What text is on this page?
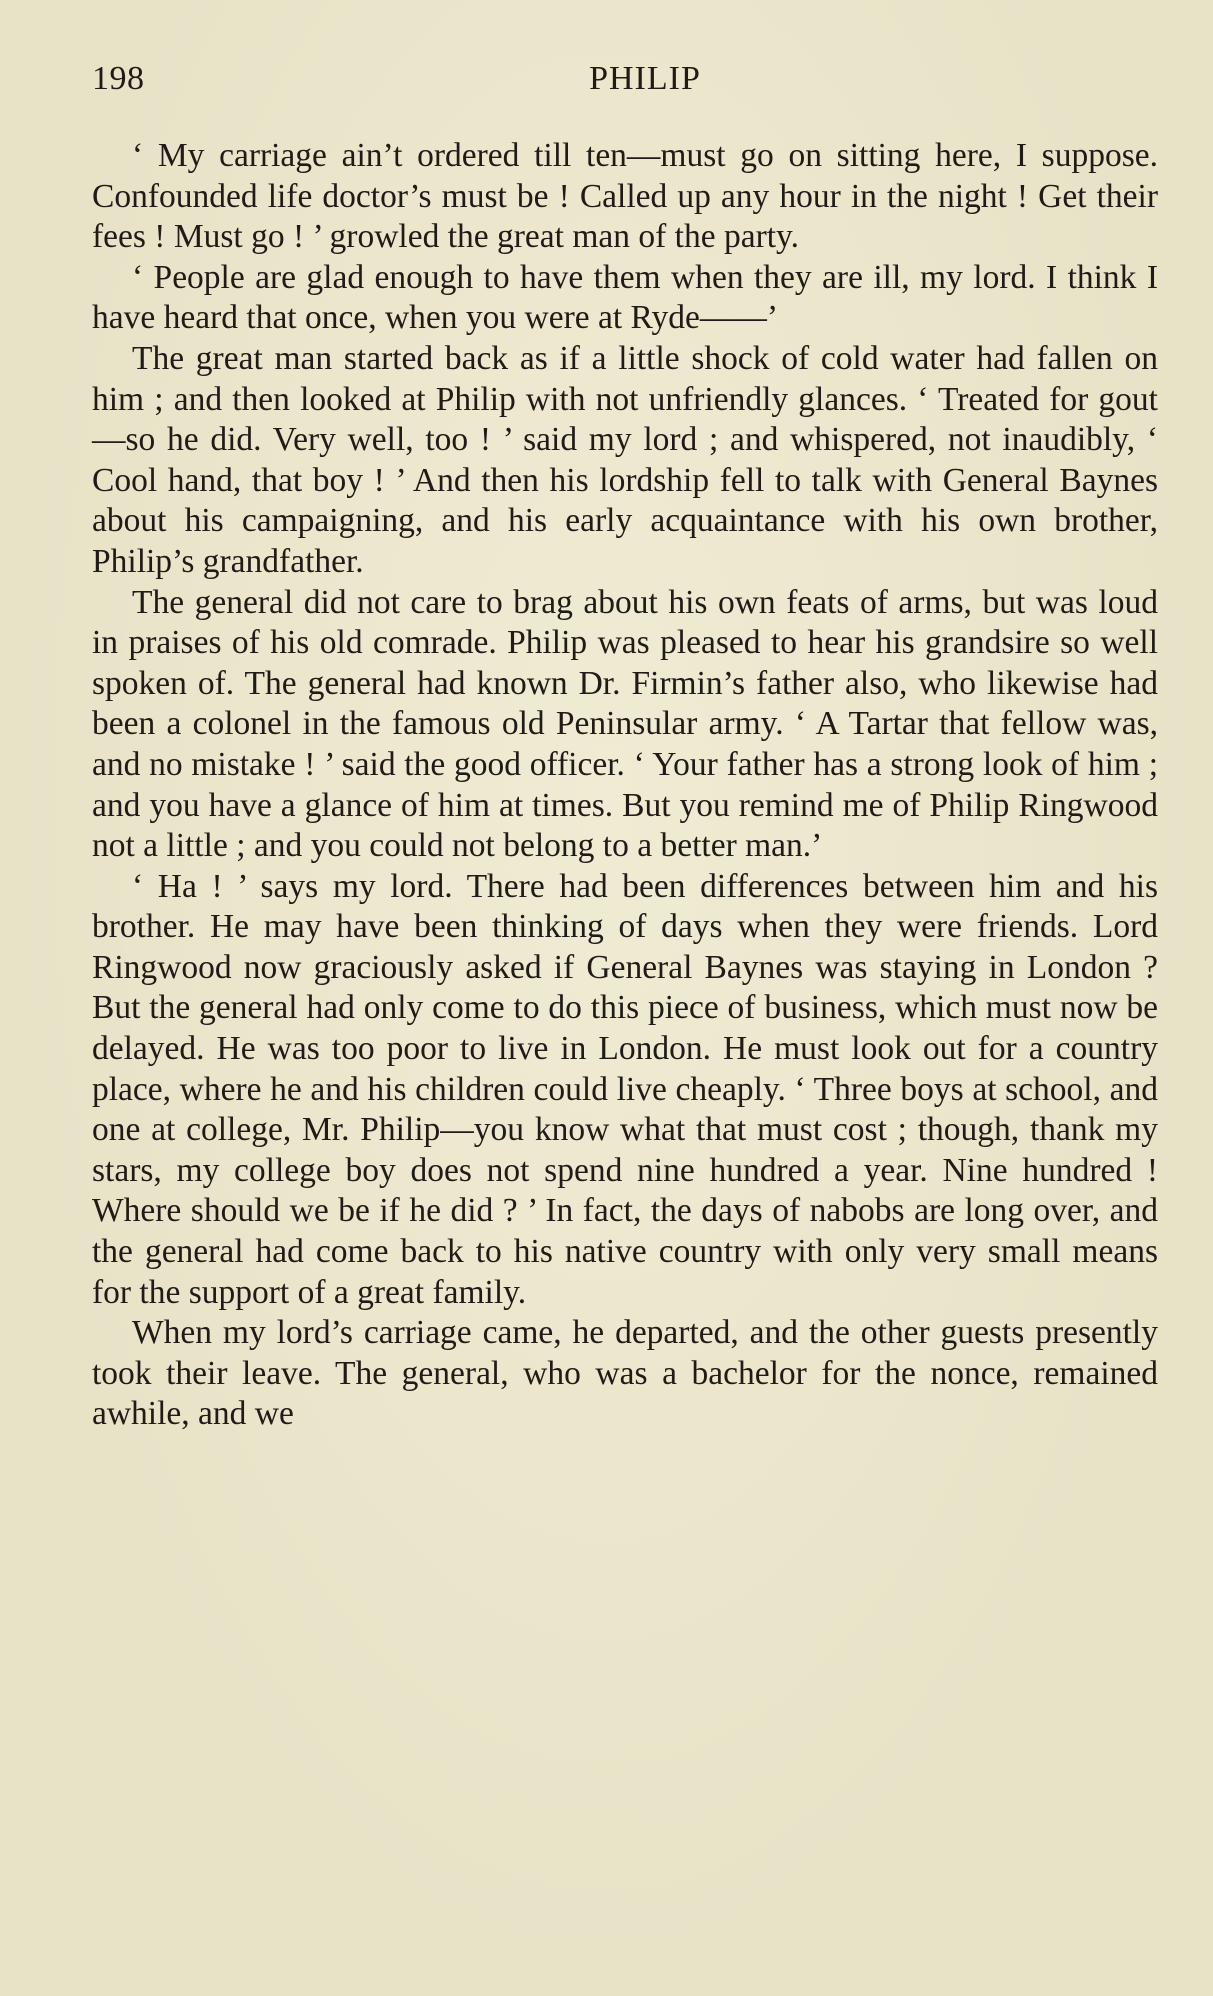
198	PHILIP

‘ My carriage ain’t ordered till ten—must go on sitting here, I suppose. Confounded life doctor’s must be ! Called up any hour in the night ! Get their fees ! Must go ! ’ growled the great man of the party.

‘ People are glad enough to have them when they are ill, my lord. I think I have heard that once, when you were at Ryde——’

The great man started back as if a little shock of cold water had fallen on him ; and then looked at Philip with not unfriendly glances. ‘ Treated for gout—so he did. Very well, too ! ’ said my lord ; and whispered, not inaudibly, ‘ Cool hand, that boy ! ’ And then his lordship fell to talk with General Baynes about his campaigning, and his early acquaintance with his own brother, Philip’s grandfather.

The general did not care to brag about his own feats of arms, but was loud in praises of his old comrade. Philip was pleased to hear his grandsire so well spoken of. The general had known Dr. Firmin’s father also, who likewise had been a colonel in the famous old Peninsular army. ‘ A Tartar that fellow was, and no mistake ! ’ said the good officer. ‘ Your father has a strong look of him ; and you have a glance of him at times. But you remind me of Philip Ringwood not a little ; and you could not belong to a better man.’

‘ Ha ! ’ says my lord. There had been differences between him and his brother. He may have been thinking of days when they were friends. Lord Ringwood now graciously asked if General Baynes was staying in London ? But the general had only come to do this piece of business, which must now be delayed. He was too poor to live in London. He must look out for a country place, where he and his children could live cheaply. ‘ Three boys at school, and one at college, Mr. Philip—you know what that must cost ; though, thank my stars, my college boy does not spend nine hundred a year. Nine hundred ! Where should we be if he did ? ’ In fact, the days of nabobs are long over, and the general had come back to his native country with only very small means for the support of a great family.

When my lord’s carriage came, he departed, and the other guests presently took their leave. The general, who was a bachelor for the nonce, remained awhile, and we
